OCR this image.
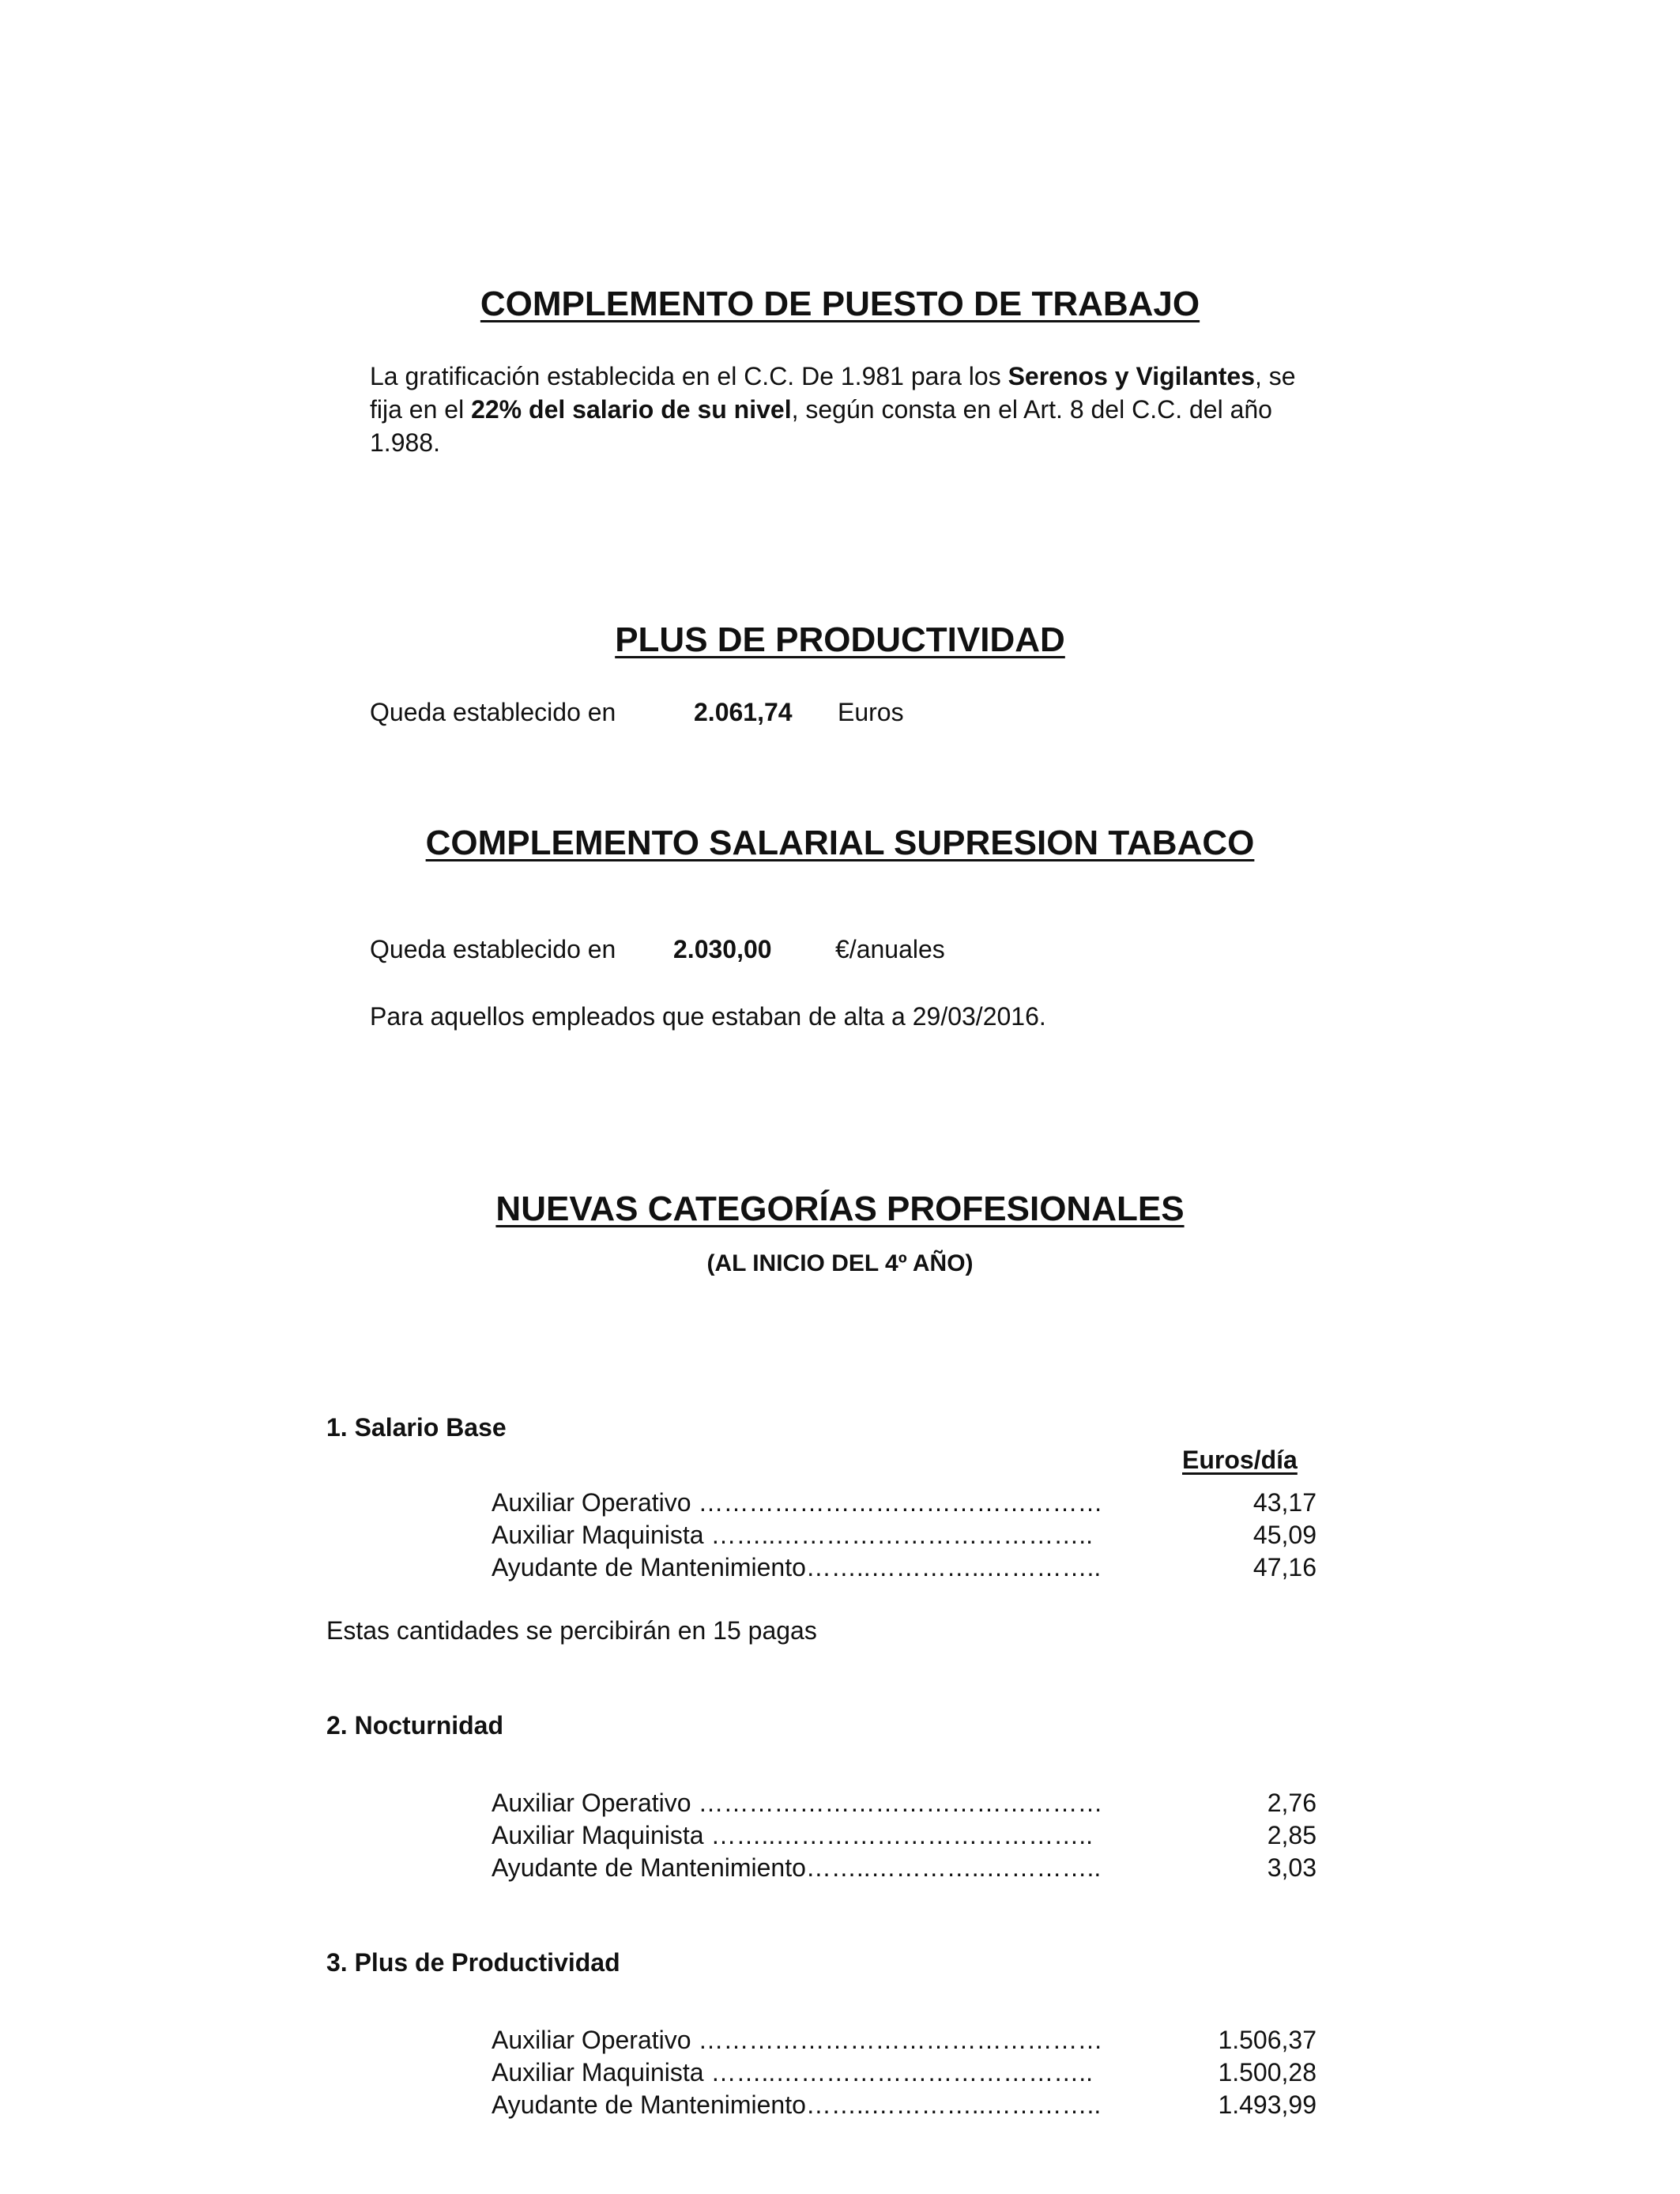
COMPLEMENTO DE PUESTO DE TRABAJO
La gratificación establecida en el C.C. De 1.981 para los Serenos y Vigilantes, se fija en el 22% del salario de su nivel, según consta en el Art. 8 del C.C. del año 1.988.
PLUS DE PRODUCTIVIDAD
Queda establecido en	2.061,74 Euros
COMPLEMENTO SALARIAL SUPRESION TABACO
Queda establecido en 2.030,00	€/anuales
Para aquellos empleados que estaban de alta a 29/03/2016.
NUEVAS CATEGORÍAS PROFESIONALES
(AL INICIO DEL 4º AÑO)
1. Salario Base
Euros/día
Auxiliar Operativo …………………………………………	43,17
Auxiliar Maquinista ……..………………………………..	45,09
Ayudante de Mantenimiento……..…………..…………..	47,16
Estas cantidades se percibirán en 15 pagas
2. Nocturnidad
Auxiliar Operativo …………………………………………	2,76
Auxiliar Maquinista ……..………………………………..	2,85
Ayudante de Mantenimiento……..…………..…………..	3,03
3. Plus de Productividad
Auxiliar Operativo …………………………………………	1.506,37
Auxiliar Maquinista ……..………………………………..	1.500,28
Ayudante de Mantenimiento……..…………..…………..	1.493,99
